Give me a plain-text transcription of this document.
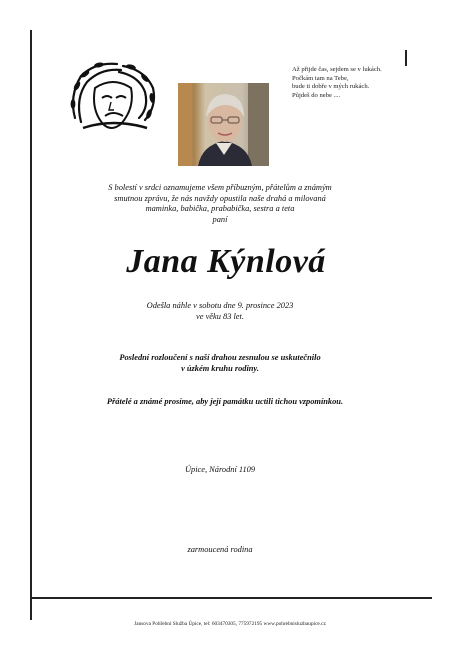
Až přijde čas, sejdem se v lukách.
Počkám tam na Tebe,
bude ti dobře v mých rukách.
Půjdeš do nebe ....
S bolestí v srdci oznamujeme všem příbuzným, přátelům a známým
smutnou zprávu, že nás navždy opustila naše drahá a milovaná
maminka, babička, prababička, sestra a teta
paní
Jana Kýnlová
Odešla náhle v sobotu dne 9. prosince 2023
ve věku 83 let.
Poslední rozloučení s naší drahou zesnulou se uskutečnilo
v úzkém kruhu rodiny.
Přátelé a známé prosíme, aby její památku uctili tichou vzpomínkou.
Úpice, Národní 1109
zarmoucená rodina
Jansova Pohřební Služba Úpice, tel: 603470305, 775972195 www.pohrebnisluzbaupice.cz
